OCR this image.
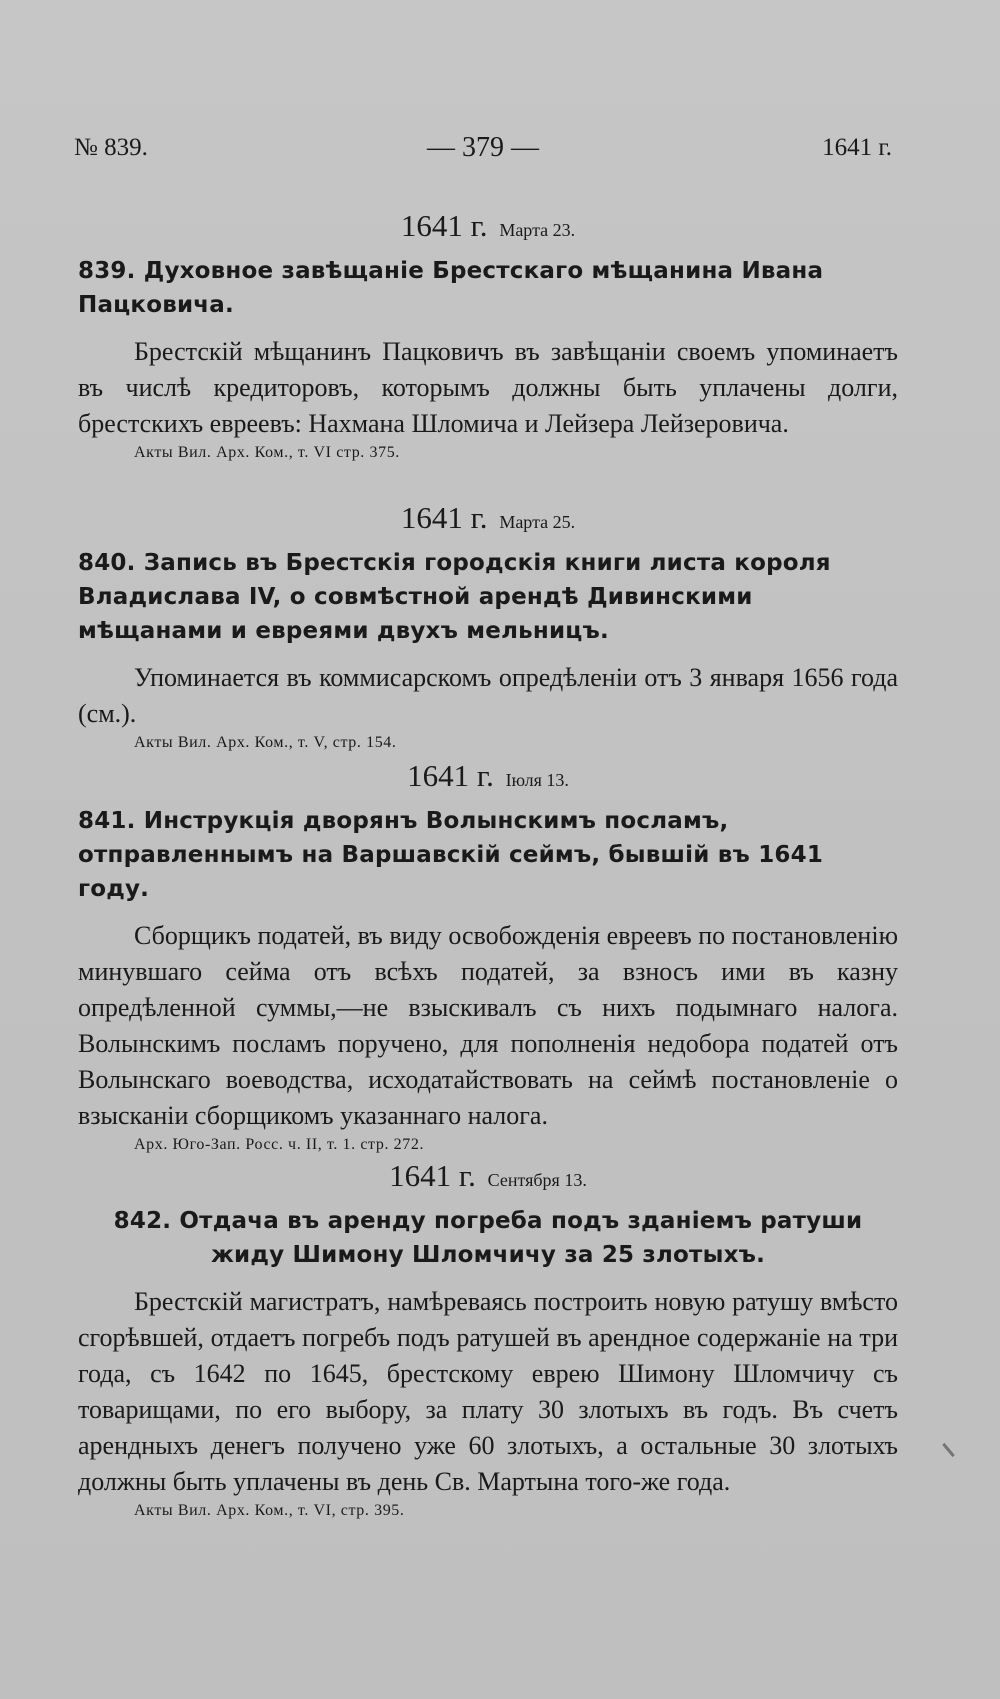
№ 839.	— 379 —	1641 г.
1641 г. Марта 23.
839. Духовное завѣщаніе Брестскаго мѣщанина Ивана Пацковича.
Брестскій мѣщанинъ Пацковичъ въ завѣщаніи своемъ упоминаетъ въ числѣ кредиторовъ, которымъ должны быть уплачены долги, брестскихъ евреевъ: Нахмана Шломича и Лейзера Лейзеровича.
Акты Вил. Арх. Ком., т. VI стр. 375.
1641 г. Марта 25.
840. Запись въ Брестскія городскія книги листа короля Владислава IV, о совмѣстной арендѣ Дивинскими мѣщанами и евреями двухъ мельницъ.
Упоминается въ коммисарскомъ опредѣленіи отъ 3 января 1656 года (см.).
Акты Вил. Арх. Ком., т. V, стр. 154.
1641 г. Іюля 13.
841. Инструкція дворянъ Волынскимъ посламъ, отправленнымъ на Варшавскій сеймъ, бывшій въ 1641 году.
Сборщикъ податей, въ виду освобожденія евреевъ по постановленію минувшаго сейма отъ всѣхъ податей, за взносъ ими въ казну опредѣленной суммы,—не взыскивалъ съ нихъ подымнаго налога. Волынскимъ посламъ поручено, для пополненія недобора податей отъ Волынскаго воеводства, исходатайствовать на сеймѣ постановленіе о взысканіи сборщикомъ указаннаго налога.
Арх. Юго-Зап. Росс. ч. II, т. 1. стр. 272.
1641 г. Сентября 13.
842. Отдача въ аренду погреба подъ зданіемъ ратуши жиду Шимону Шломчичу за 25 злотыхъ.
Брестскій магистратъ, намѣреваясь построить новую ратушу вмѣсто сгорѣвшей, отдаетъ погребъ подъ ратушей въ арендное содержаніе на три года, съ 1642 по 1645, брестскому еврею Шимону Шломчичу съ товарищами, по его выбору, за плату 30 злотыхъ въ годъ. Въ счетъ арендныхъ денегъ получено уже 60 злотыхъ, а остальные 30 злотыхъ должны быть уплачены въ день Св. Мартына того-же года.
Акты Вил. Арх. Ком., т. VI, стр. 395.
